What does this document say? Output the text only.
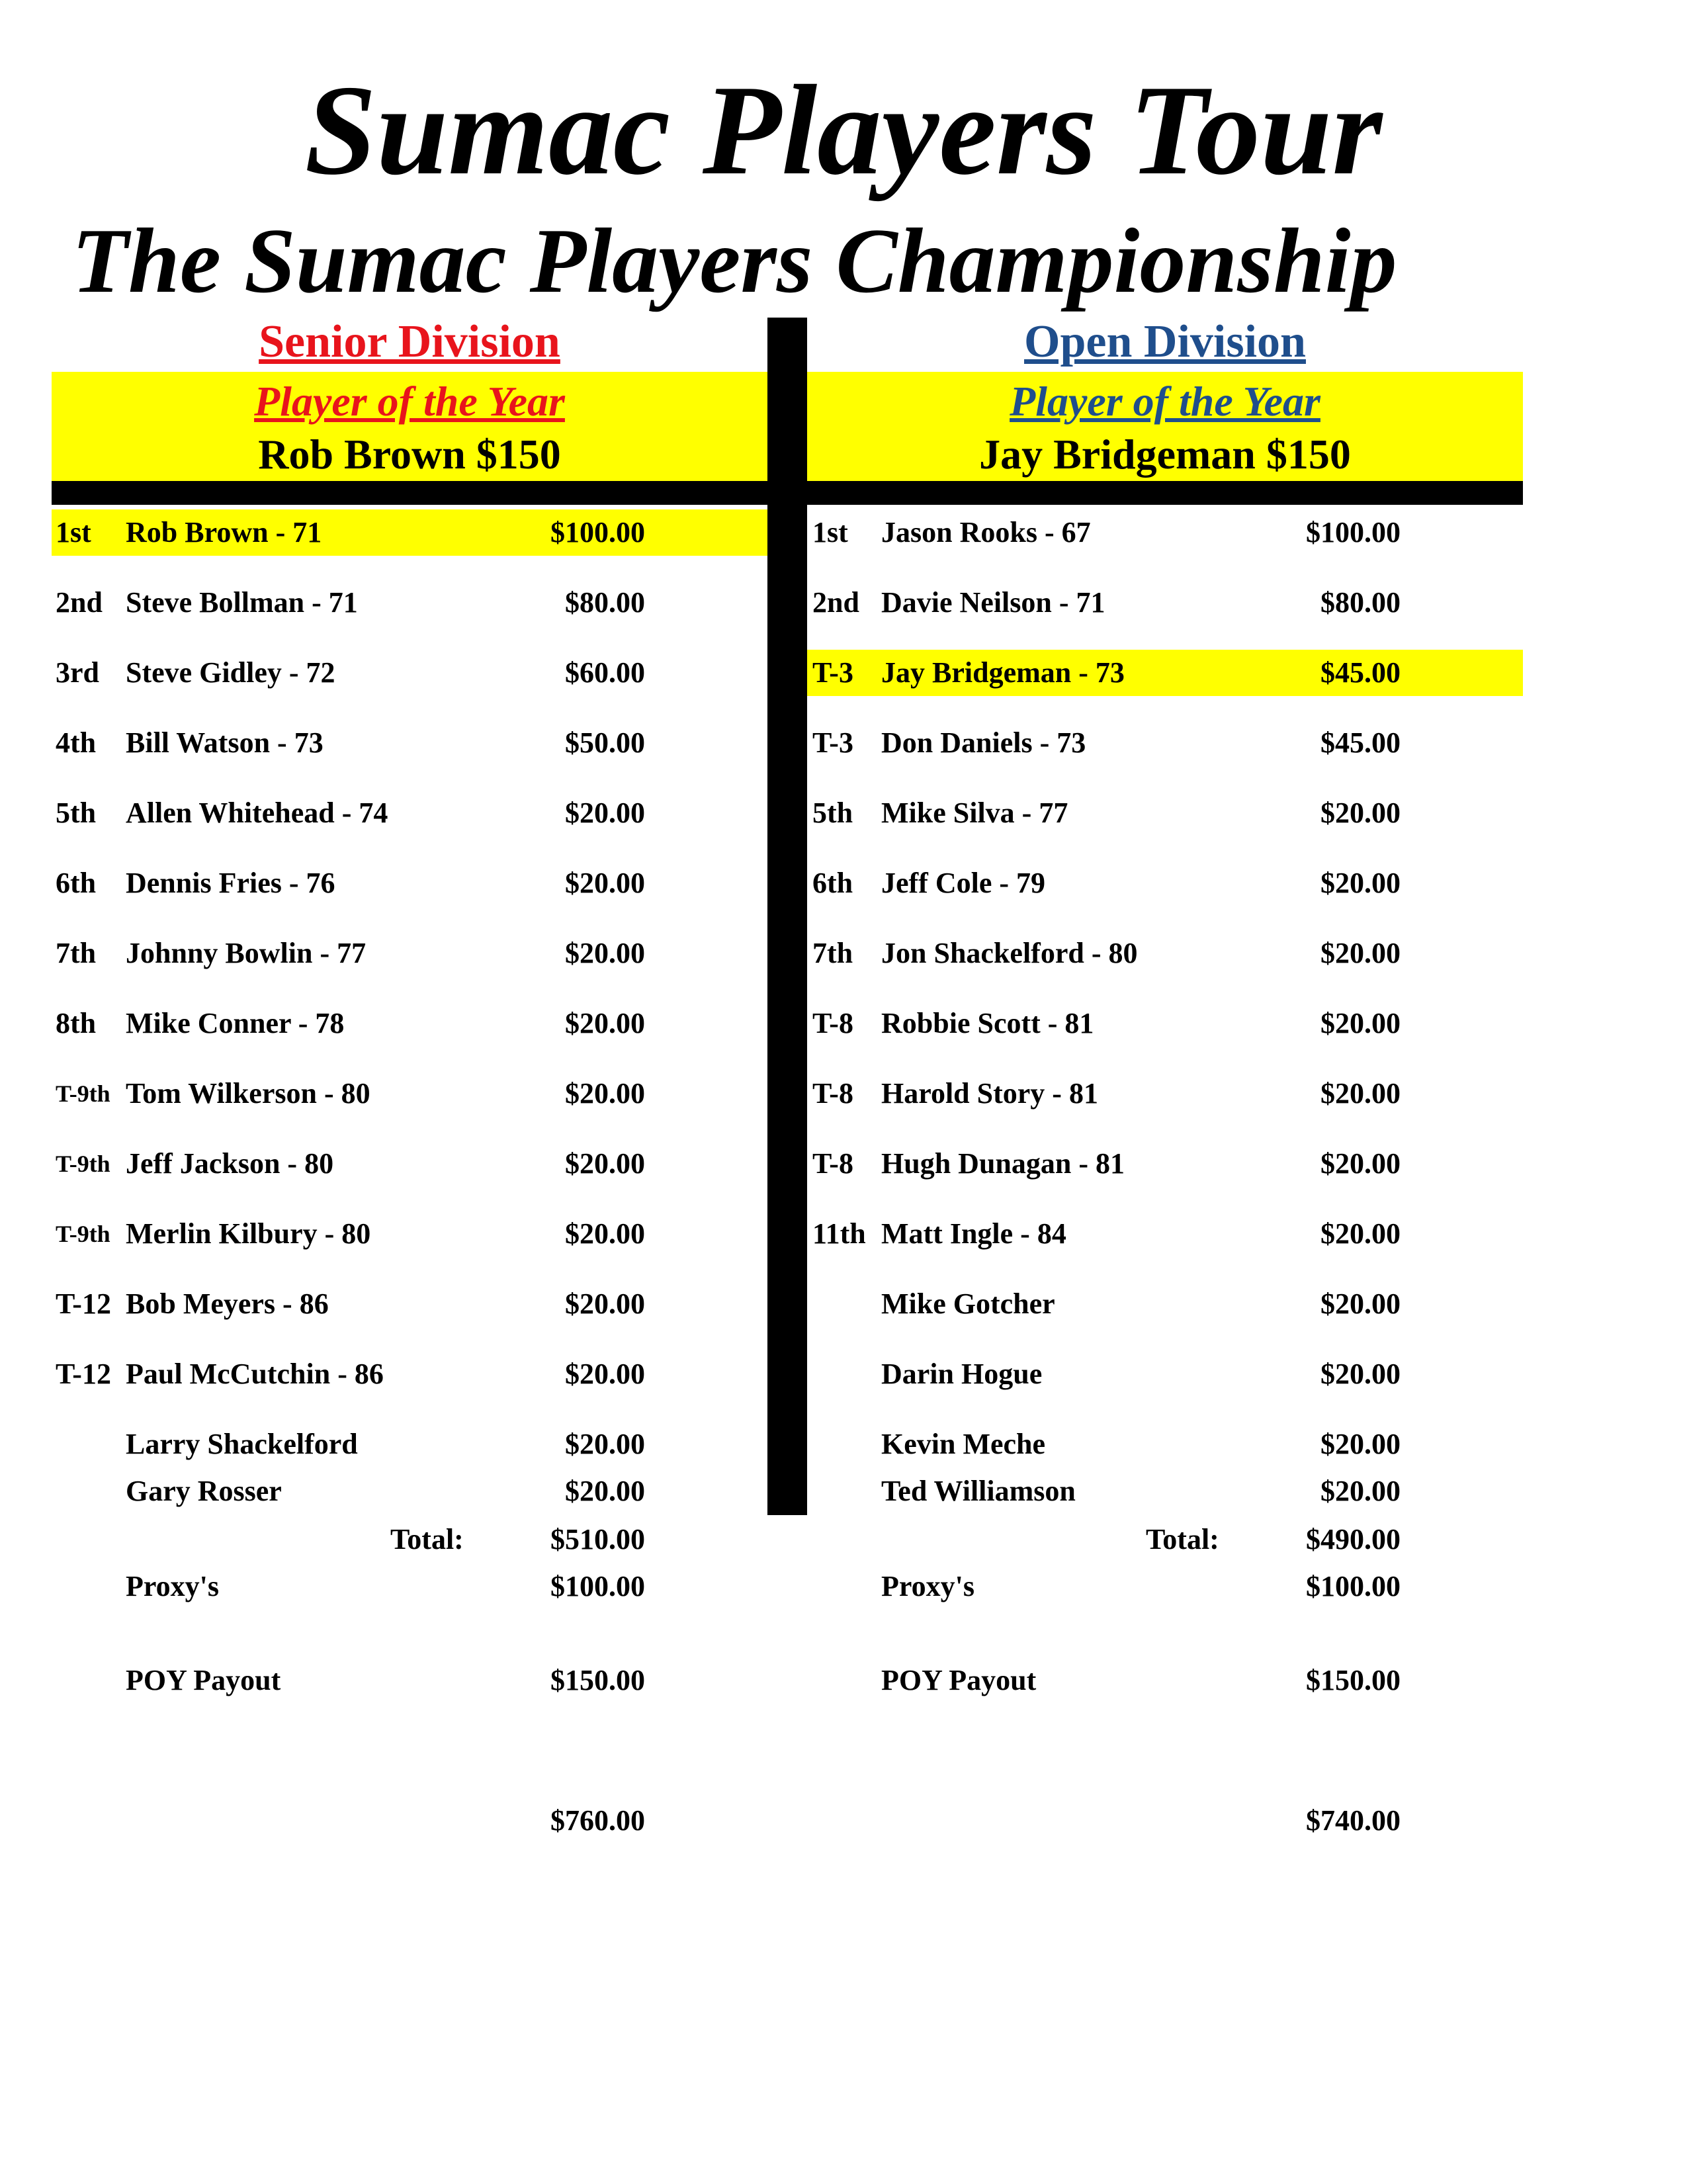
Sumac Players Tour
The Sumac Players Championship
Senior Division	Open Division
Player of the Year
Rob Brown $150
Player of the Year
Jay Bridgeman $150
1st Rob Brown - 71	$100.00
2nd Steve Bollman - 71	$80.00
3rd Steve Gidley - 72	$60.00
4th Bill Watson - 73	$50.00
5th Allen Whitehead - 74	$20.00
6th Dennis Fries - 76	$20.00
7th Johnny Bowlin - 77	$20.00
8th Mike Conner - 78	$20.00
T-9th Tom Wilkerson - 80	$20.00
T-9th Jeff Jackson - 80	$20.00
T-9th Merlin Kilbury - 80	$20.00
T-12 Bob Meyers - 86	$20.00
T-12 Paul McCutchin - 86	$20.00
Larry Shackelford	$20.00
Gary Rosser	$20.00
1st Jason Rooks - 67	$100.00
2nd Davie Neilson - 71	$80.00
T-3 Jay Bridgeman - 73	$45.00
T-3 Don Daniels - 73	$45.00
5th Mike Silva - 77	$20.00
6th Jeff Cole - 79	$20.00
7th Jon Shackelford - 80	$20.00
T-8 Robbie Scott - 81	$20.00
T-8 Harold Story - 81	$20.00
T-8 Hugh Dunagan - 81	$20.00
11th Matt Ingle - 84	$20.00
Mike Gotcher	$20.00
Darin Hogue	$20.00
Kevin Meche	$20.00
Ted Williamson	$20.00
Total:	$510.00
Proxy's	$100.00
POY Payout	$150.00
$760.00
Total:	$490.00
Proxy's	$100.00
POY Payout	$150.00
$740.00
